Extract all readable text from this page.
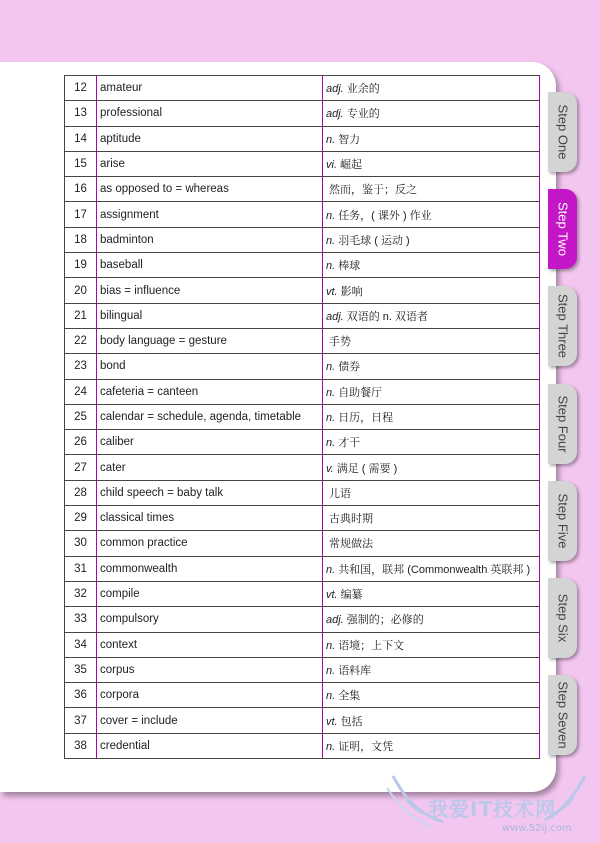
12	amateur	adj. 业余的
13	professional	adj. 专业的
14	aptitude	n. 智力
15	arise	vi. 崛起
16	as opposed to = whereas	然而，鉴于；反之
17	assignment	n. 任务，( 课外 ) 作业
18	badminton	n. 羽毛球 ( 运动 )
19	baseball	n. 棒球
20	bias = influence	vt. 影响
21	bilingual	adj. 双语的 n. 双语者
22	body language = gesture	手势
23	bond	n. 债券
24	cafeteria = canteen	n. 自助餐厅
25	calendar = schedule, agenda, timetable	n. 日历，日程
26	caliber	n. 才干
27	cater	v. 满足 ( 需要 )
28	child speech = baby talk	儿语
29	classical times	古典时期
30	common practice	常规做法
31	commonwealth	n. 共和国，联邦 (Commonwealth 英联邦 )
32	compile	vt. 编纂
33	compulsory	adj. 强制的；必修的
34	context	n. 语境；上下文
35	corpus	n. 语料库
36	corpora	n. 全集
37	cover = include	vt. 包括
38	credential	n. 证明，文凭
Step One
Step Two
Step Three
Step Four
Step Five
Step Six
Step Seven
我爱IT技术网
www.52ij.com
